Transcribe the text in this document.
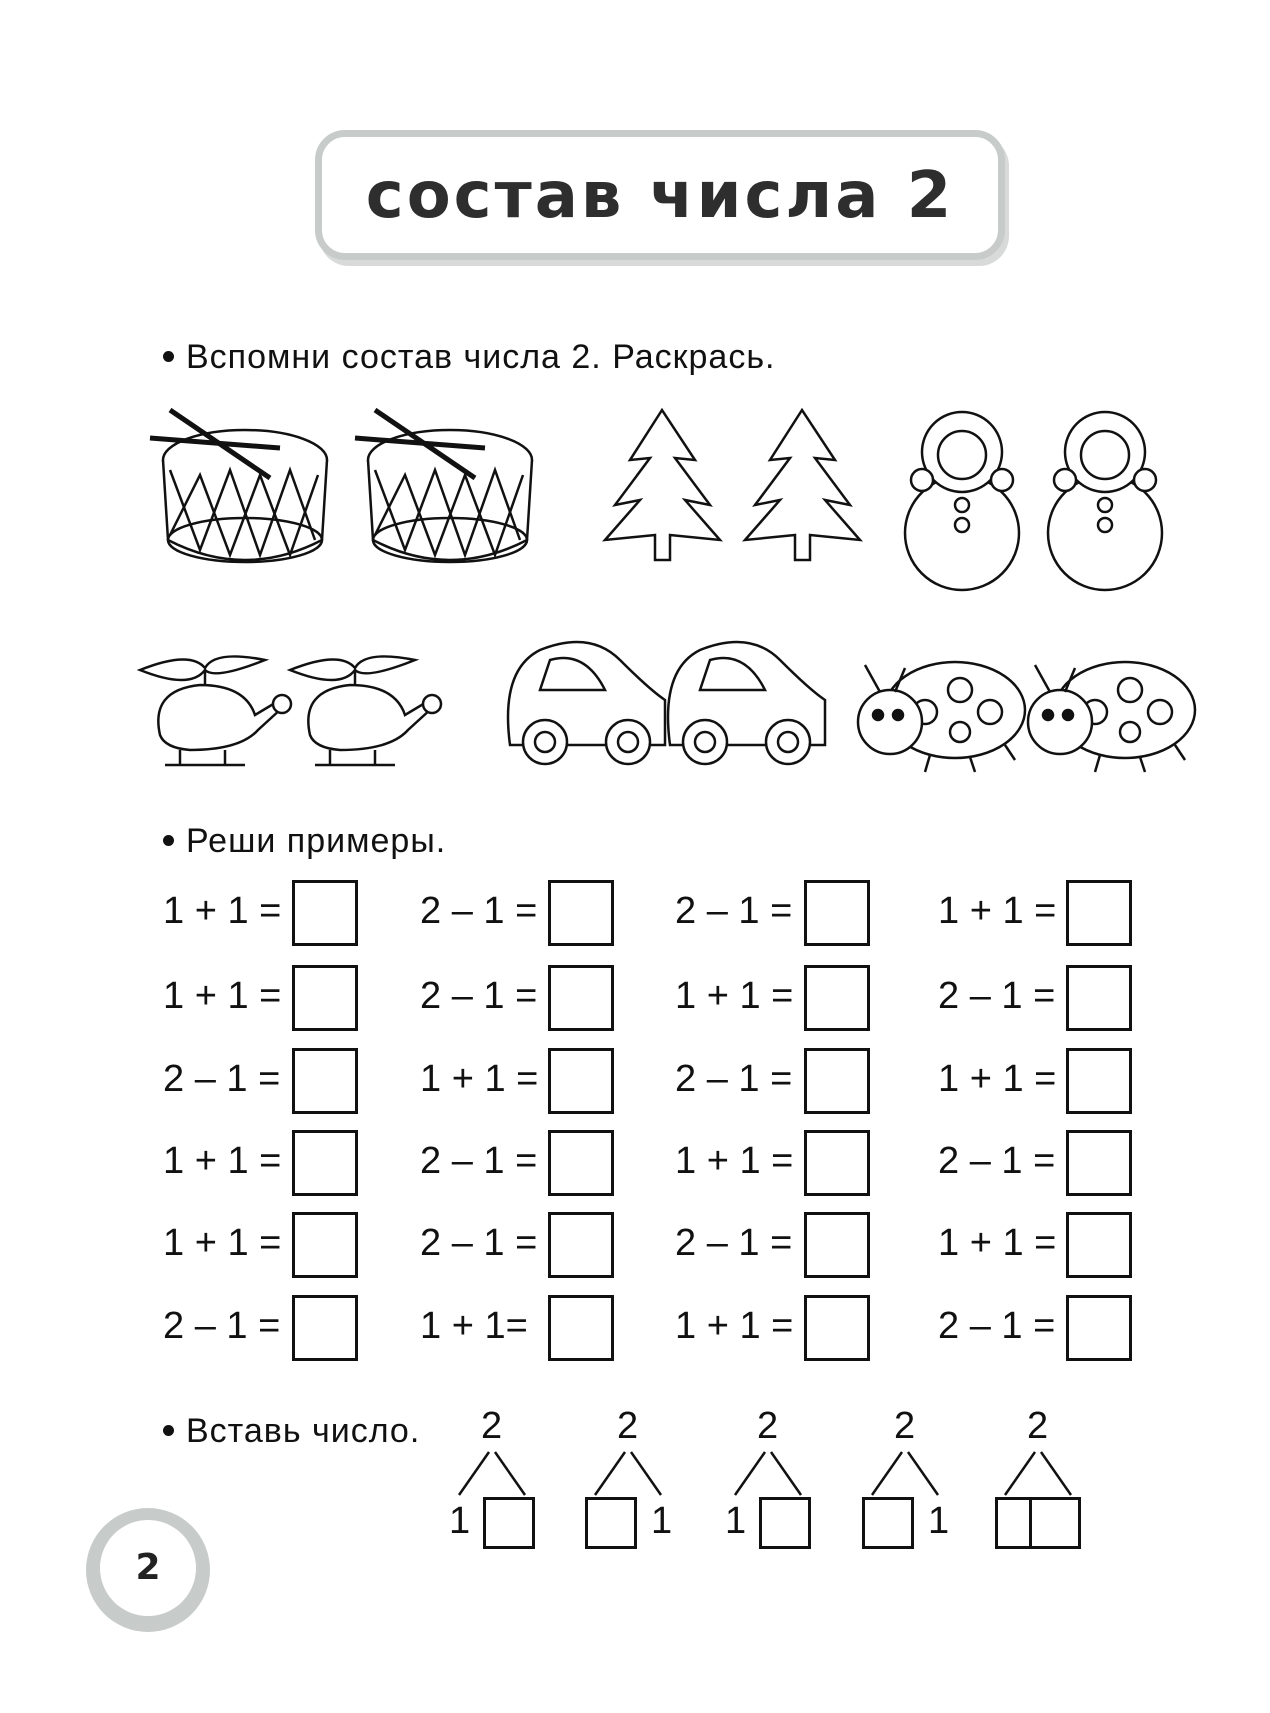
состав числа 2
Вспомни состав числа 2. Раскрась.
Реши примеры.
1 + 1 =	2 – 1 =	2 – 1 =	1 + 1 =
1 + 1 =	2 – 1 =	1 + 1 =	2 – 1 =
2 – 1 =	1 + 1 =	2 – 1 =	1 + 1 =
1 + 1 =	2 – 1 =	1 + 1 =	2 – 1 =
1 + 1 =	2 – 1 =	2 – 1 =	1 + 1 =
2 – 1 =	1 + 1=	1 + 1 =	2 – 1 =
Вставь число. 2
1
2
1
2
1
2
1
2
2
